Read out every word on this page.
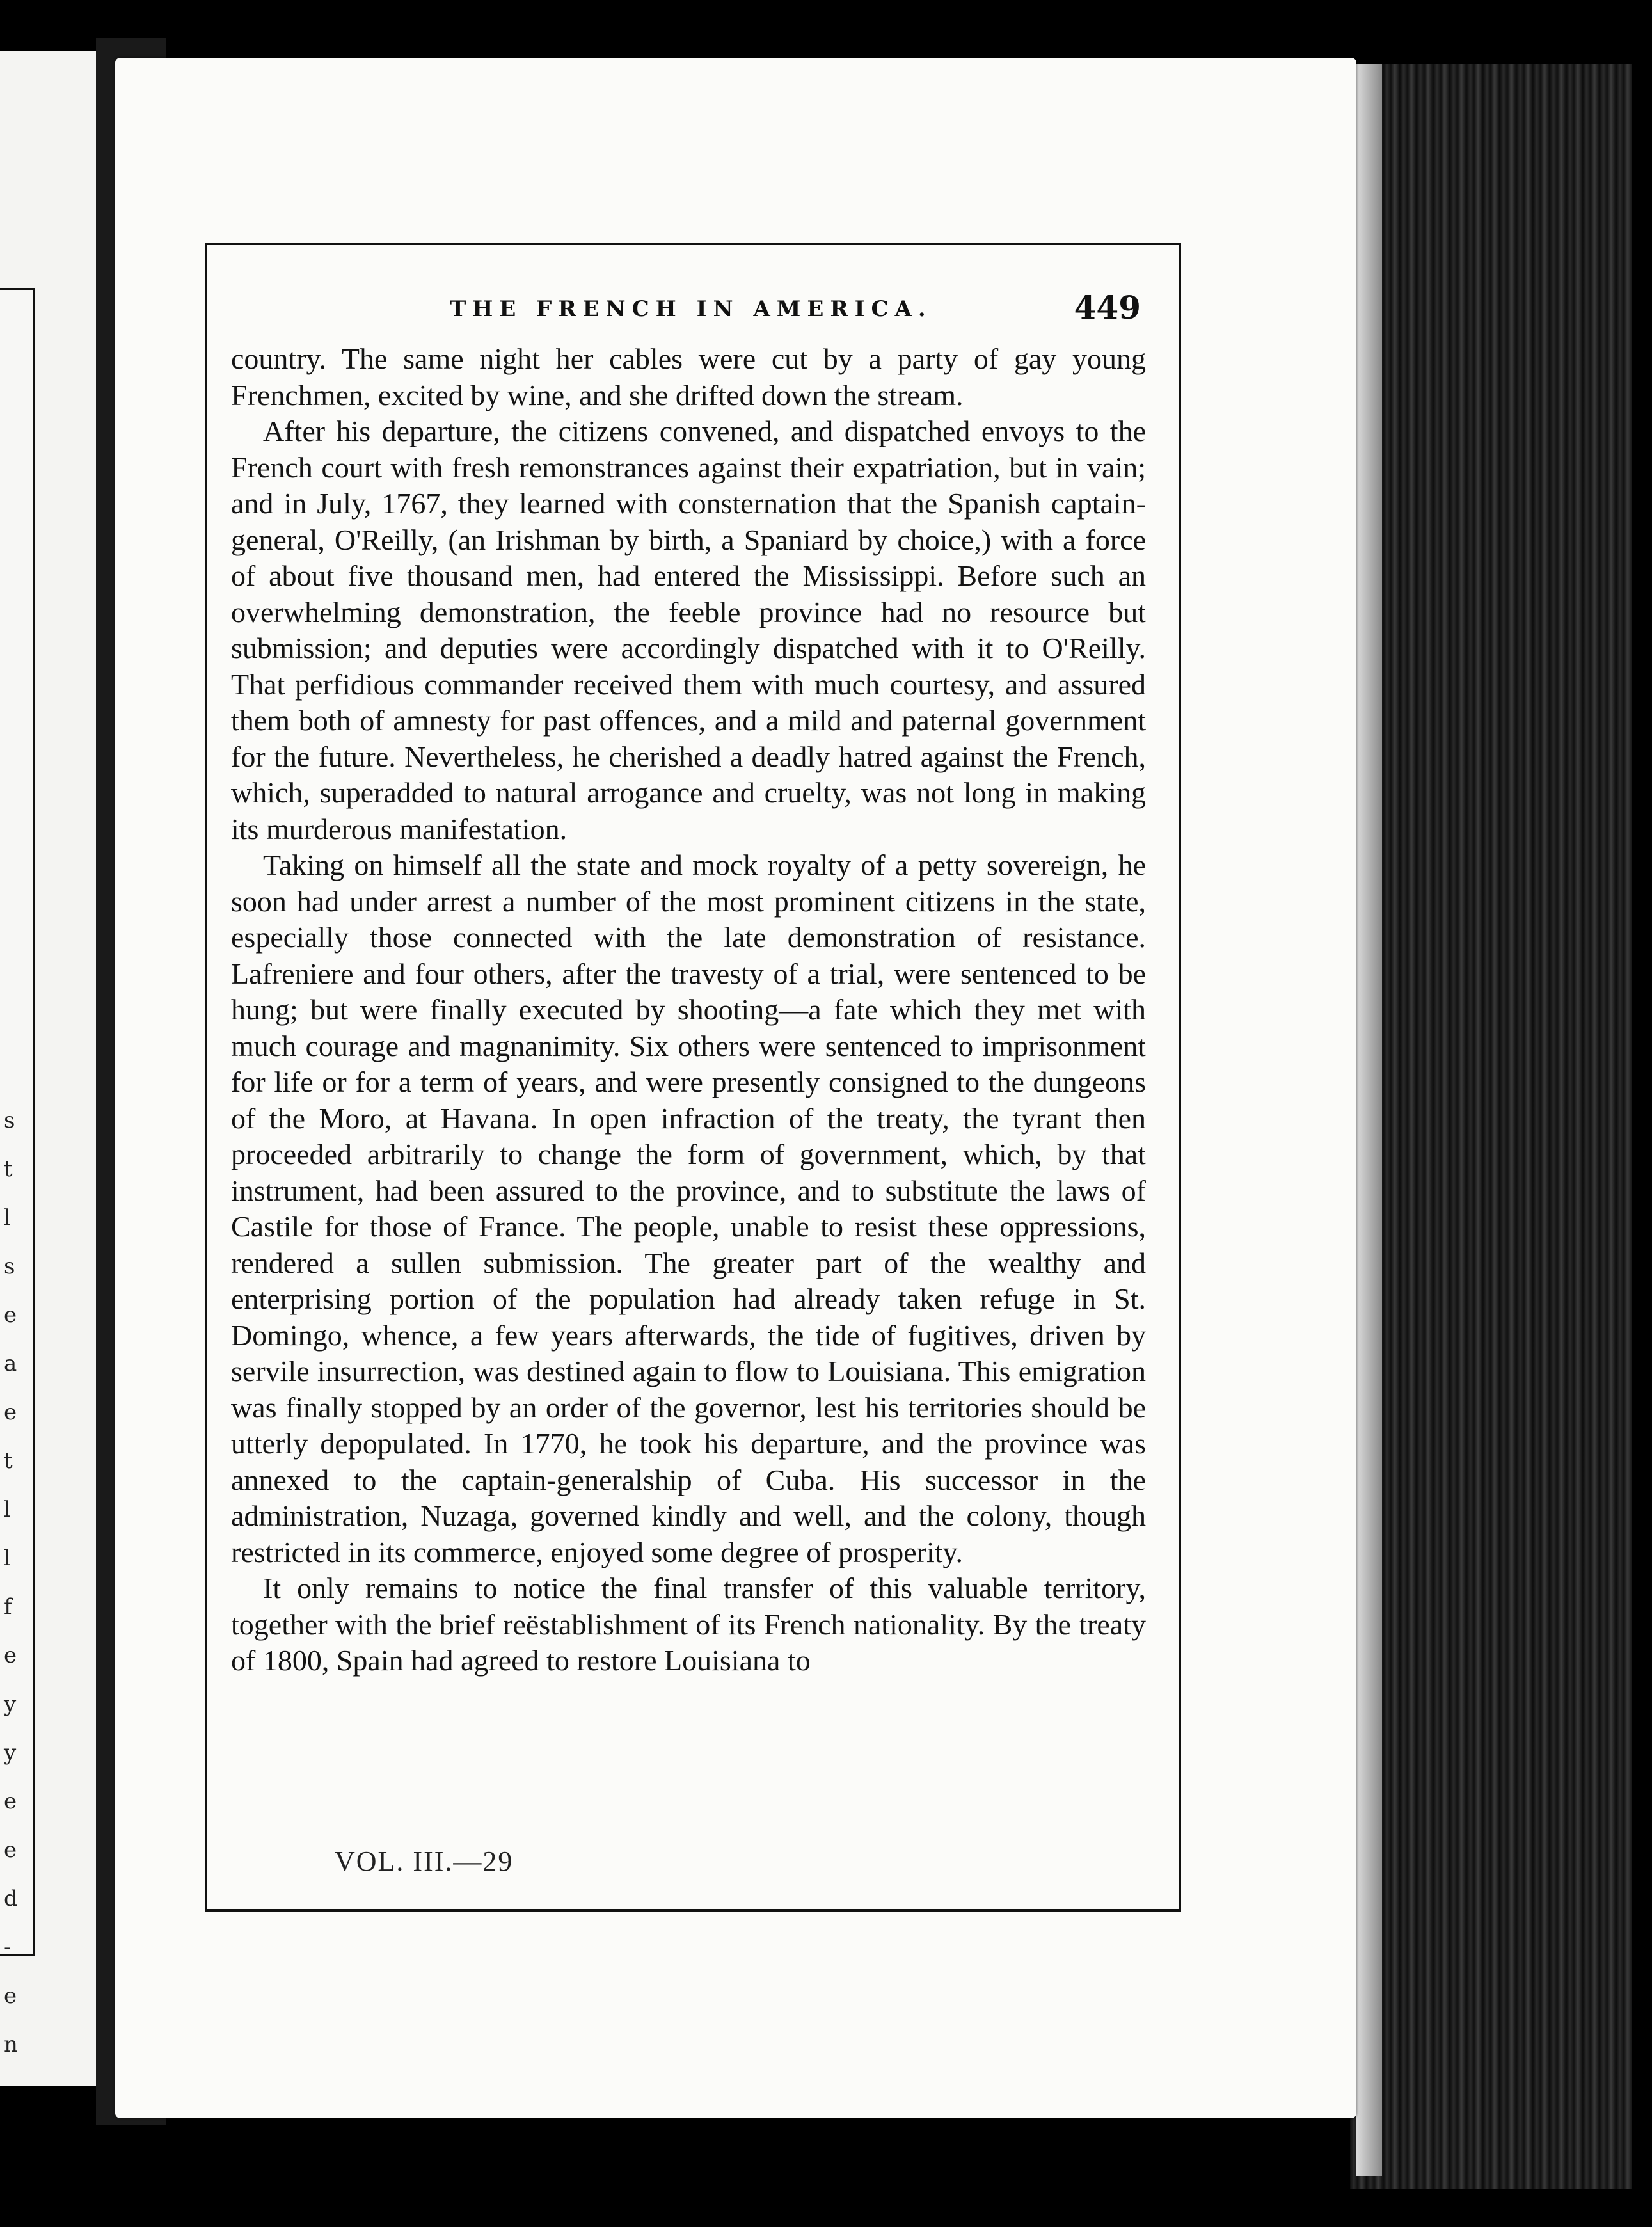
s
t
l
s
e
a
e
t
l
l
f
e
y
y
e
e
d
-
e
n
THE FRENCH IN AMERICA.	449

country. The same night her cables were cut by a party of gay young Frenchmen, excited by wine, and she drifted down the stream.

After his departure, the citizens convened, and dispatched envoys to the French court with fresh remonstrances against their expatriation, but in vain; and in July, 1767, they learned with consternation that the Spanish captain-general, O'Reilly, (an Irishman by birth, a Spaniard by choice,) with a force of about five thousand men, had entered the Mississippi. Before such an overwhelming demonstration, the feeble province had no resource but submission; and deputies were accordingly dispatched with it to O'Reilly. That perfidious commander received them with much courtesy, and assured them both of amnesty for past offences, and a mild and paternal government for the future. Nevertheless, he cherished a deadly hatred against the French, which, superadded to natural arrogance and cruelty, was not long in making its murderous manifestation.

Taking on himself all the state and mock royalty of a petty sovereign, he soon had under arrest a number of the most prominent citizens in the state, especially those connected with the late demonstration of resistance. Lafreniere and four others, after the travesty of a trial, were sentenced to be hung; but were finally executed by shooting—a fate which they met with much courage and magnanimity. Six others were sentenced to imprisonment for life or for a term of years, and were presently consigned to the dungeons of the Moro, at Havana. In open infraction of the treaty, the tyrant then proceeded arbitrarily to change the form of government, which, by that instrument, had been assured to the province, and to substitute the laws of Castile for those of France. The people, unable to resist these oppressions, rendered a sullen submission. The greater part of the wealthy and enterprising portion of the population had already taken refuge in St. Domingo, whence, a few years afterwards, the tide of fugitives, driven by servile insurrection, was destined again to flow to Louisiana. This emigration was finally stopped by an order of the governor, lest his territories should be utterly depopulated. In 1770, he took his departure, and the province was annexed to the captain-generalship of Cuba. His successor in the administration, Nuzaga, governed kindly and well, and the colony, though restricted in its commerce, enjoyed some degree of prosperity.

It only remains to notice the final transfer of this valuable territory, together with the brief reëstablishment of its French nationality. By the treaty of 1800, Spain had agreed to restore Louisiana to

VOL. III.—29
